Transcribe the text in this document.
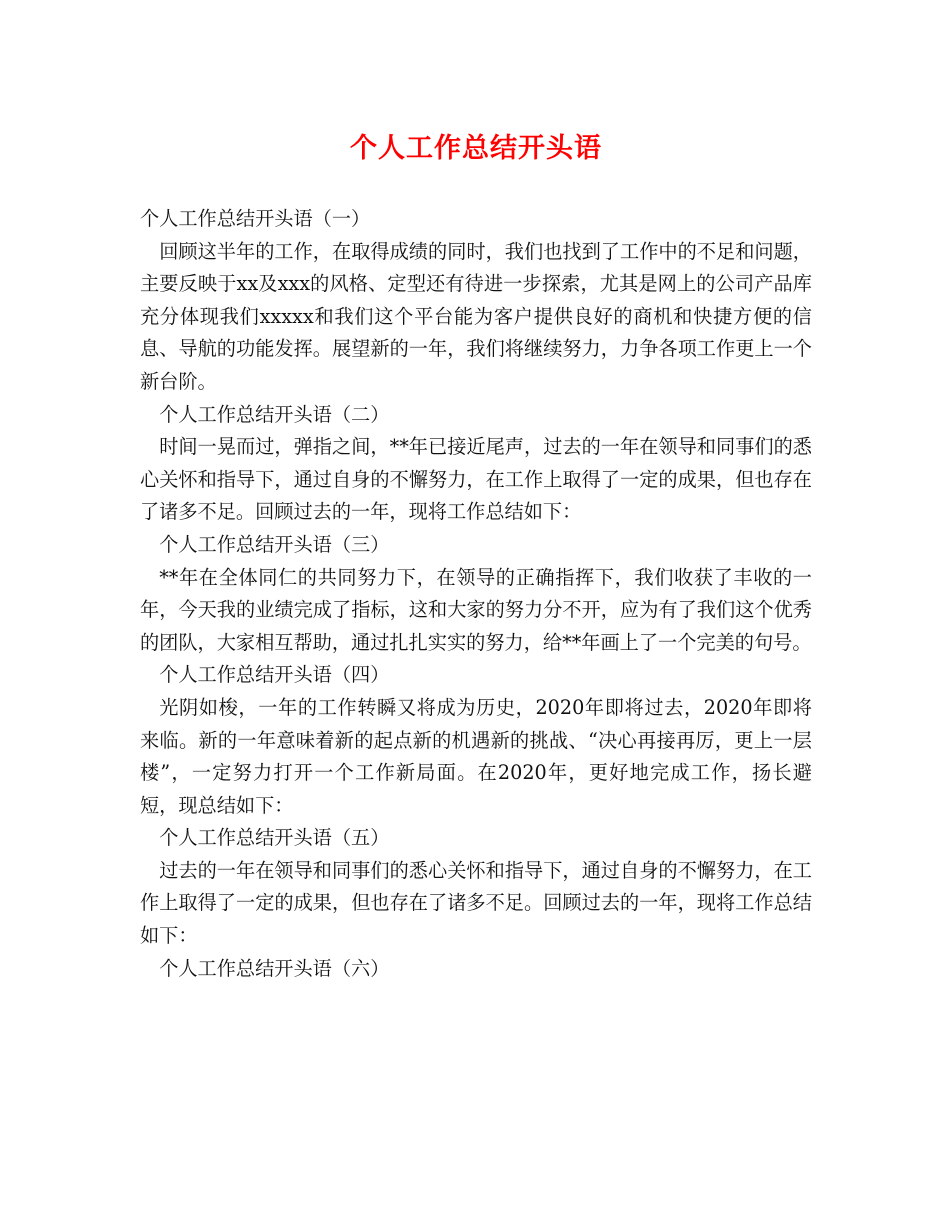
个人工作总结开头语

个人工作总结开头语（一）

回顾这半年的工作，在取得成绩的同时，我们也找到了工作中的不足和问题，主要反映于xx及xxx的风格、定型还有待进一步探索，尤其是网上的公司产品库充分体现我们xxxxx和我们这个平台能为客户提供良好的商机和快捷方便的信息、导航的功能发挥。展望新的一年，我们将继续努力，力争各项工作更上一个新台阶。

个人工作总结开头语（二）

时间一晃而过，弹指之间，**年已接近尾声，过去的一年在领导和同事们的悉心关怀和指导下，通过自身的不懈努力，在工作上取得了一定的成果，但也存在了诸多不足。回顾过去的一年，现将工作总结如下：

个人工作总结开头语（三）

**年在全体同仁的共同努力下，在领导的正确指挥下，我们收获了丰收的一年，今天我的业绩完成了指标，这和大家的努力分不开，应为有了我们这个优秀的团队，大家相互帮助，通过扎扎实实的努力，给**年画上了一个完美的句号。

个人工作总结开头语（四）

光阴如梭，一年的工作转瞬又将成为历史，2020年即将过去，2020年即将来临。新的一年意味着新的起点新的机遇新的挑战、“决心再接再厉，更上一层楼”，一定努力打开一个工作新局面。在2020年，更好地完成工作，扬长避短，现总结如下：

个人工作总结开头语（五）

过去的一年在领导和同事们的悉心关怀和指导下，通过自身的不懈努力，在工作上取得了一定的成果，但也存在了诸多不足。回顾过去的一年，现将工作总结如下：

个人工作总结开头语（六）
